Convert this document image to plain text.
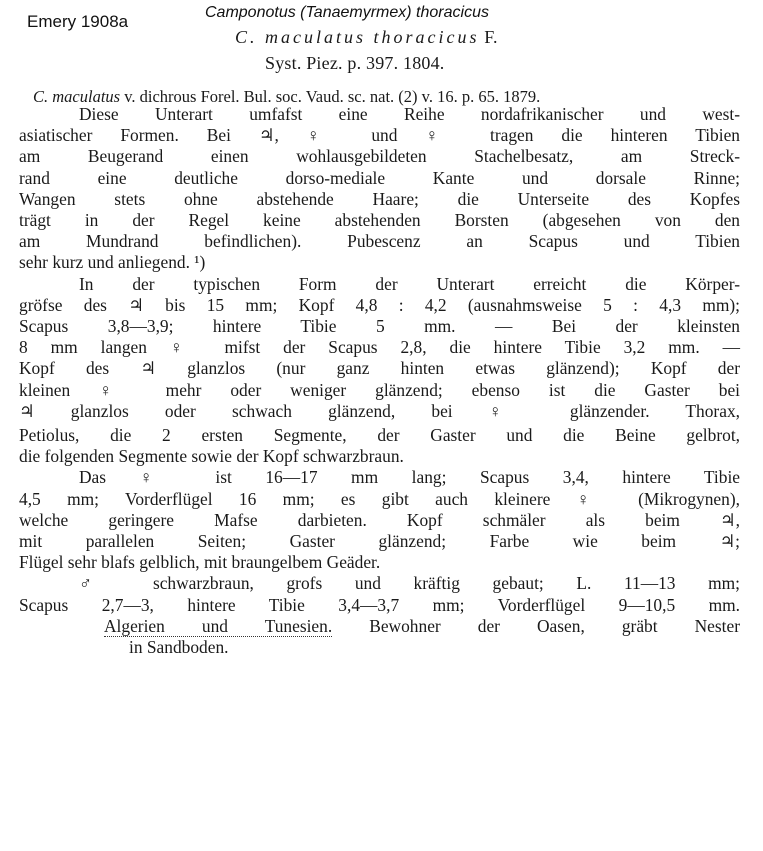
Emery 1908a	Camponotus (Tanaemyrmex) thoracicus
C. maculatus thoracicus F.
Syst. Piez. p. 397. 1804.
C. maculatus v. dichrous Forel. Bul. soc. Vaud. sc. nat. (2) v. 16. p. 65. 1879.
Diese Unterart umfafst eine Reihe nordafrikanischer und west-
asiatischer Formen. Bei ♃, ♀ und ♀ tragen die hinteren Tibien
am Beugerand einen wohlausgebildeten Stachelbesatz, am Streck-
rand eine deutliche dorso-mediale Kante und dorsale Rinne;
Wangen stets ohne abstehende Haare; die Unterseite des Kopfes
trägt in der Regel keine abstehenden Borsten (abgesehen von den
am Mundrand befindlichen). Pubescenz an Scapus und Tibien
sehr kurz und anliegend. ¹)
In der typischen Form der Unterart erreicht die Körper-
gröfse des ♃ bis 15 mm; Kopf 4,8 : 4,2 (ausnahmsweise 5 : 4,3 mm);
Scapus 3,8—3,9; hintere Tibie 5 mm. — Bei der kleinsten
8 mm langen ♀ mifst der Scapus 2,8, die hintere Tibie 3,2 mm. —
Kopf des ♃ glanzlos (nur ganz hinten etwas glänzend); Kopf der
kleinen ♀ mehr oder weniger glänzend; ebenso ist die Gaster bei
♃ glanzlos oder schwach glänzend, bei ♀ glänzender. Thorax,
Petiolus, die 2 ersten Segmente, der Gaster und die Beine gelbrot,
die folgenden Segmente sowie der Kopf schwarzbraun.
Das ♀ ist 16—17 mm lang; Scapus 3,4, hintere Tibie
4,5 mm; Vorderflügel 16 mm; es gibt auch kleinere ♀ (Mikrogynen),
welche geringere Mafse darbieten. Kopf schmäler als beim ♃,
mit parallelen Seiten; Gaster glänzend; Farbe wie beim ♃;
Flügel sehr blafs gelblich, mit braungelbem Geäder.
♂ schwarzbraun, grofs und kräftig gebaut; L. 11—13 mm;
Scapus 2,7—3, hintere Tibie 3,4—3,7 mm; Vorderflügel 9—10,5 mm.
Algerien und Tunesien. Bewohner der Oasen, gräbt Nester
in Sandboden.
